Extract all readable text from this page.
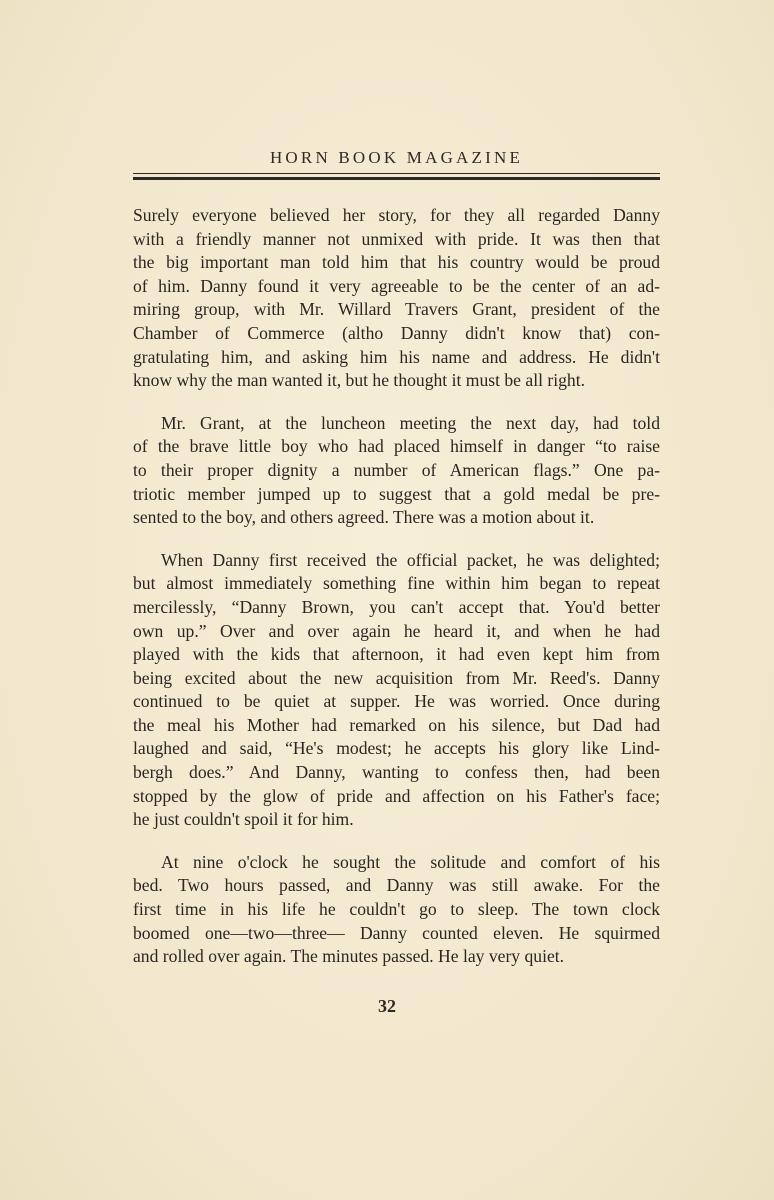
HORN BOOK MAGAZINE

Surely everyone believed her story, for they all regarded Danny
with a friendly manner not unmixed with pride. It was then that
the big important man told him that his country would be proud
of him. Danny found it very agreeable to be the center of an ad-
miring group, with Mr. Willard Travers Grant, president of the
Chamber of Commerce (altho Danny didn't know that) con-
gratulating him, and asking him his name and address. He didn't
know why the man wanted it, but he thought it must be all right.

Mr. Grant, at the luncheon meeting the next day, had told
of the brave little boy who had placed himself in danger “to raise
to their proper dignity a number of American flags.” One pa-
triotic member jumped up to suggest that a gold medal be pre-
sented to the boy, and others agreed. There was a motion about it.

When Danny first received the official packet, he was delighted;
but almost immediately something fine within him began to repeat
mercilessly, “Danny Brown, you can't accept that. You'd better
own up.” Over and over again he heard it, and when he had
played with the kids that afternoon, it had even kept him from
being excited about the new acquisition from Mr. Reed's. Danny
continued to be quiet at supper. He was worried. Once during
the meal his Mother had remarked on his silence, but Dad had
laughed and said, “He's modest; he accepts his glory like Lind-
bergh does.” And Danny, wanting to confess then, had been
stopped by the glow of pride and affection on his Father's face;
he just couldn't spoil it for him.

At nine o'clock he sought the solitude and comfort of his
bed. Two hours passed, and Danny was still awake. For the
first time in his life he couldn't go to sleep. The town clock
boomed one—two—three— Danny counted eleven. He squirmed
and rolled over again. The minutes passed. He lay very quiet.

32
